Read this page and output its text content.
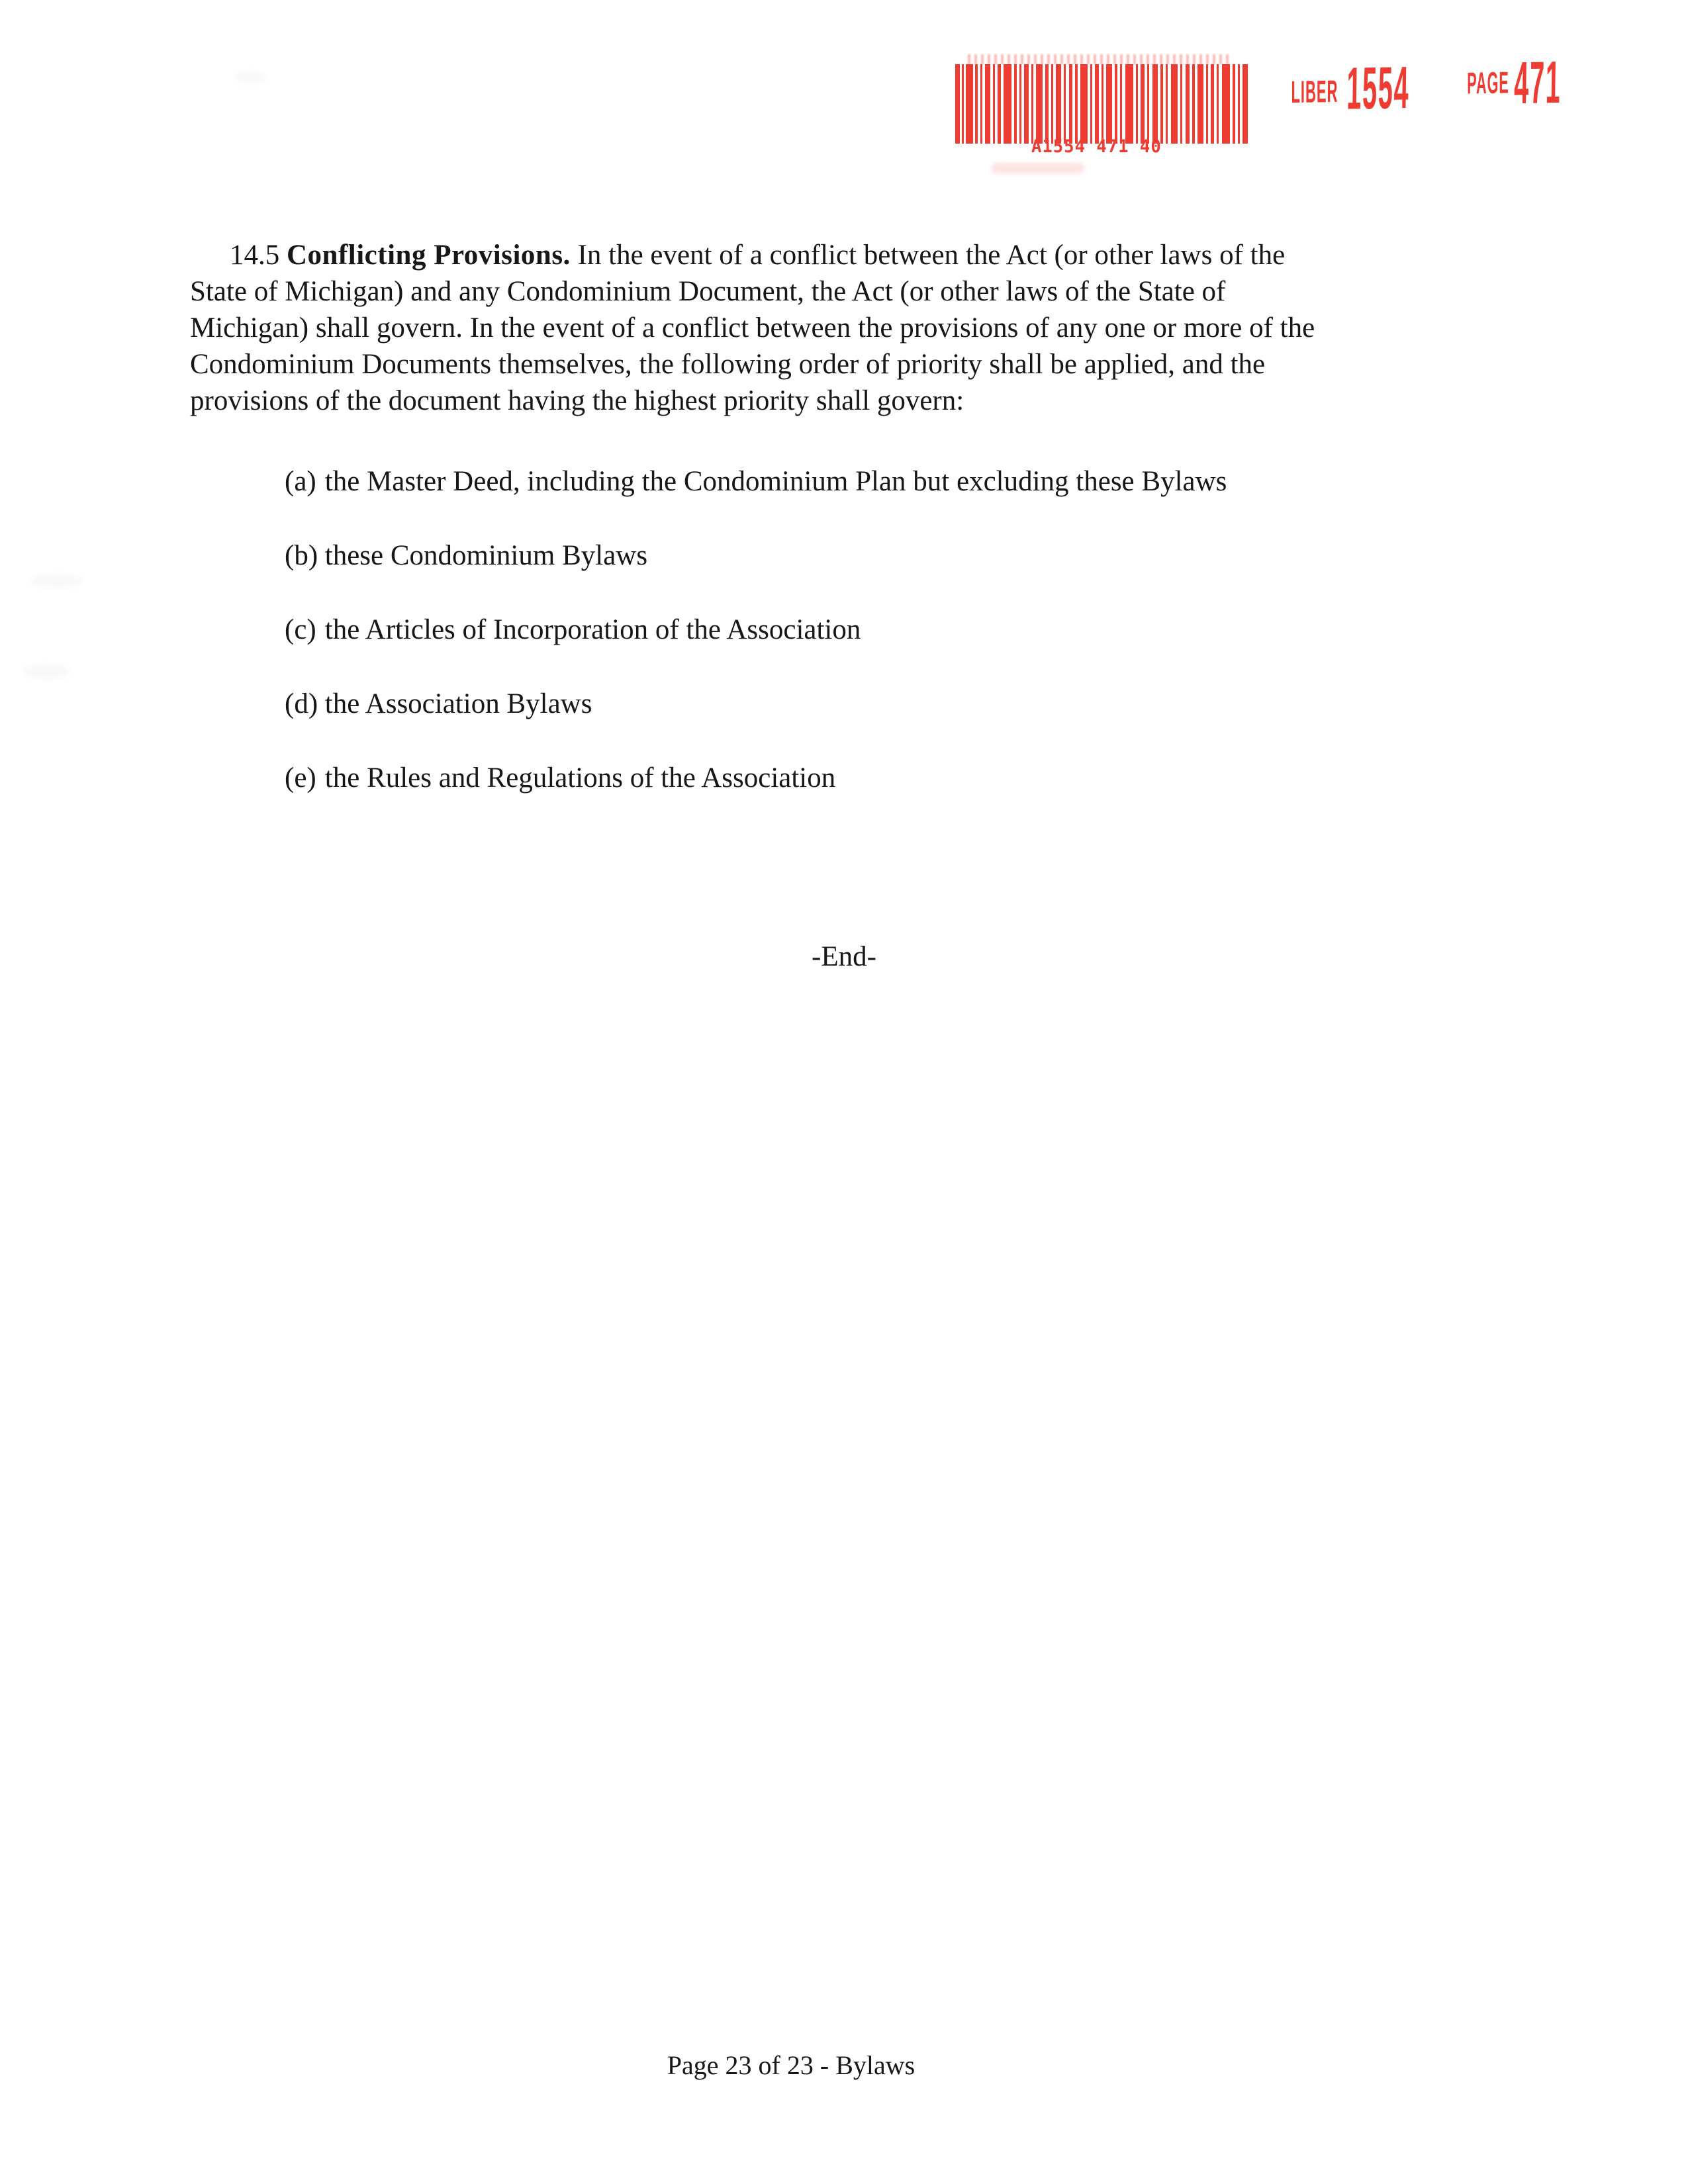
A1554 471 40
LIBER 1554 PAGE 471
14.5 Conflicting Provisions. In the event of a conflict between the Act (or other laws of the
State of Michigan) and any Condominium Document, the Act (or other laws of the State of
Michigan) shall govern. In the event of a conflict between the provisions of any one or more of the
Condominium Documents themselves, the following order of priority shall be applied, and the
provisions of the document having the highest priority shall govern:
(a) the Master Deed, including the Condominium Plan but excluding these Bylaws
(b) these Condominium Bylaws
(c) the Articles of Incorporation of the Association
(d) the Association Bylaws
(e) the Rules and Regulations of the Association
-End-
Page 23 of 23 - Bylaws
